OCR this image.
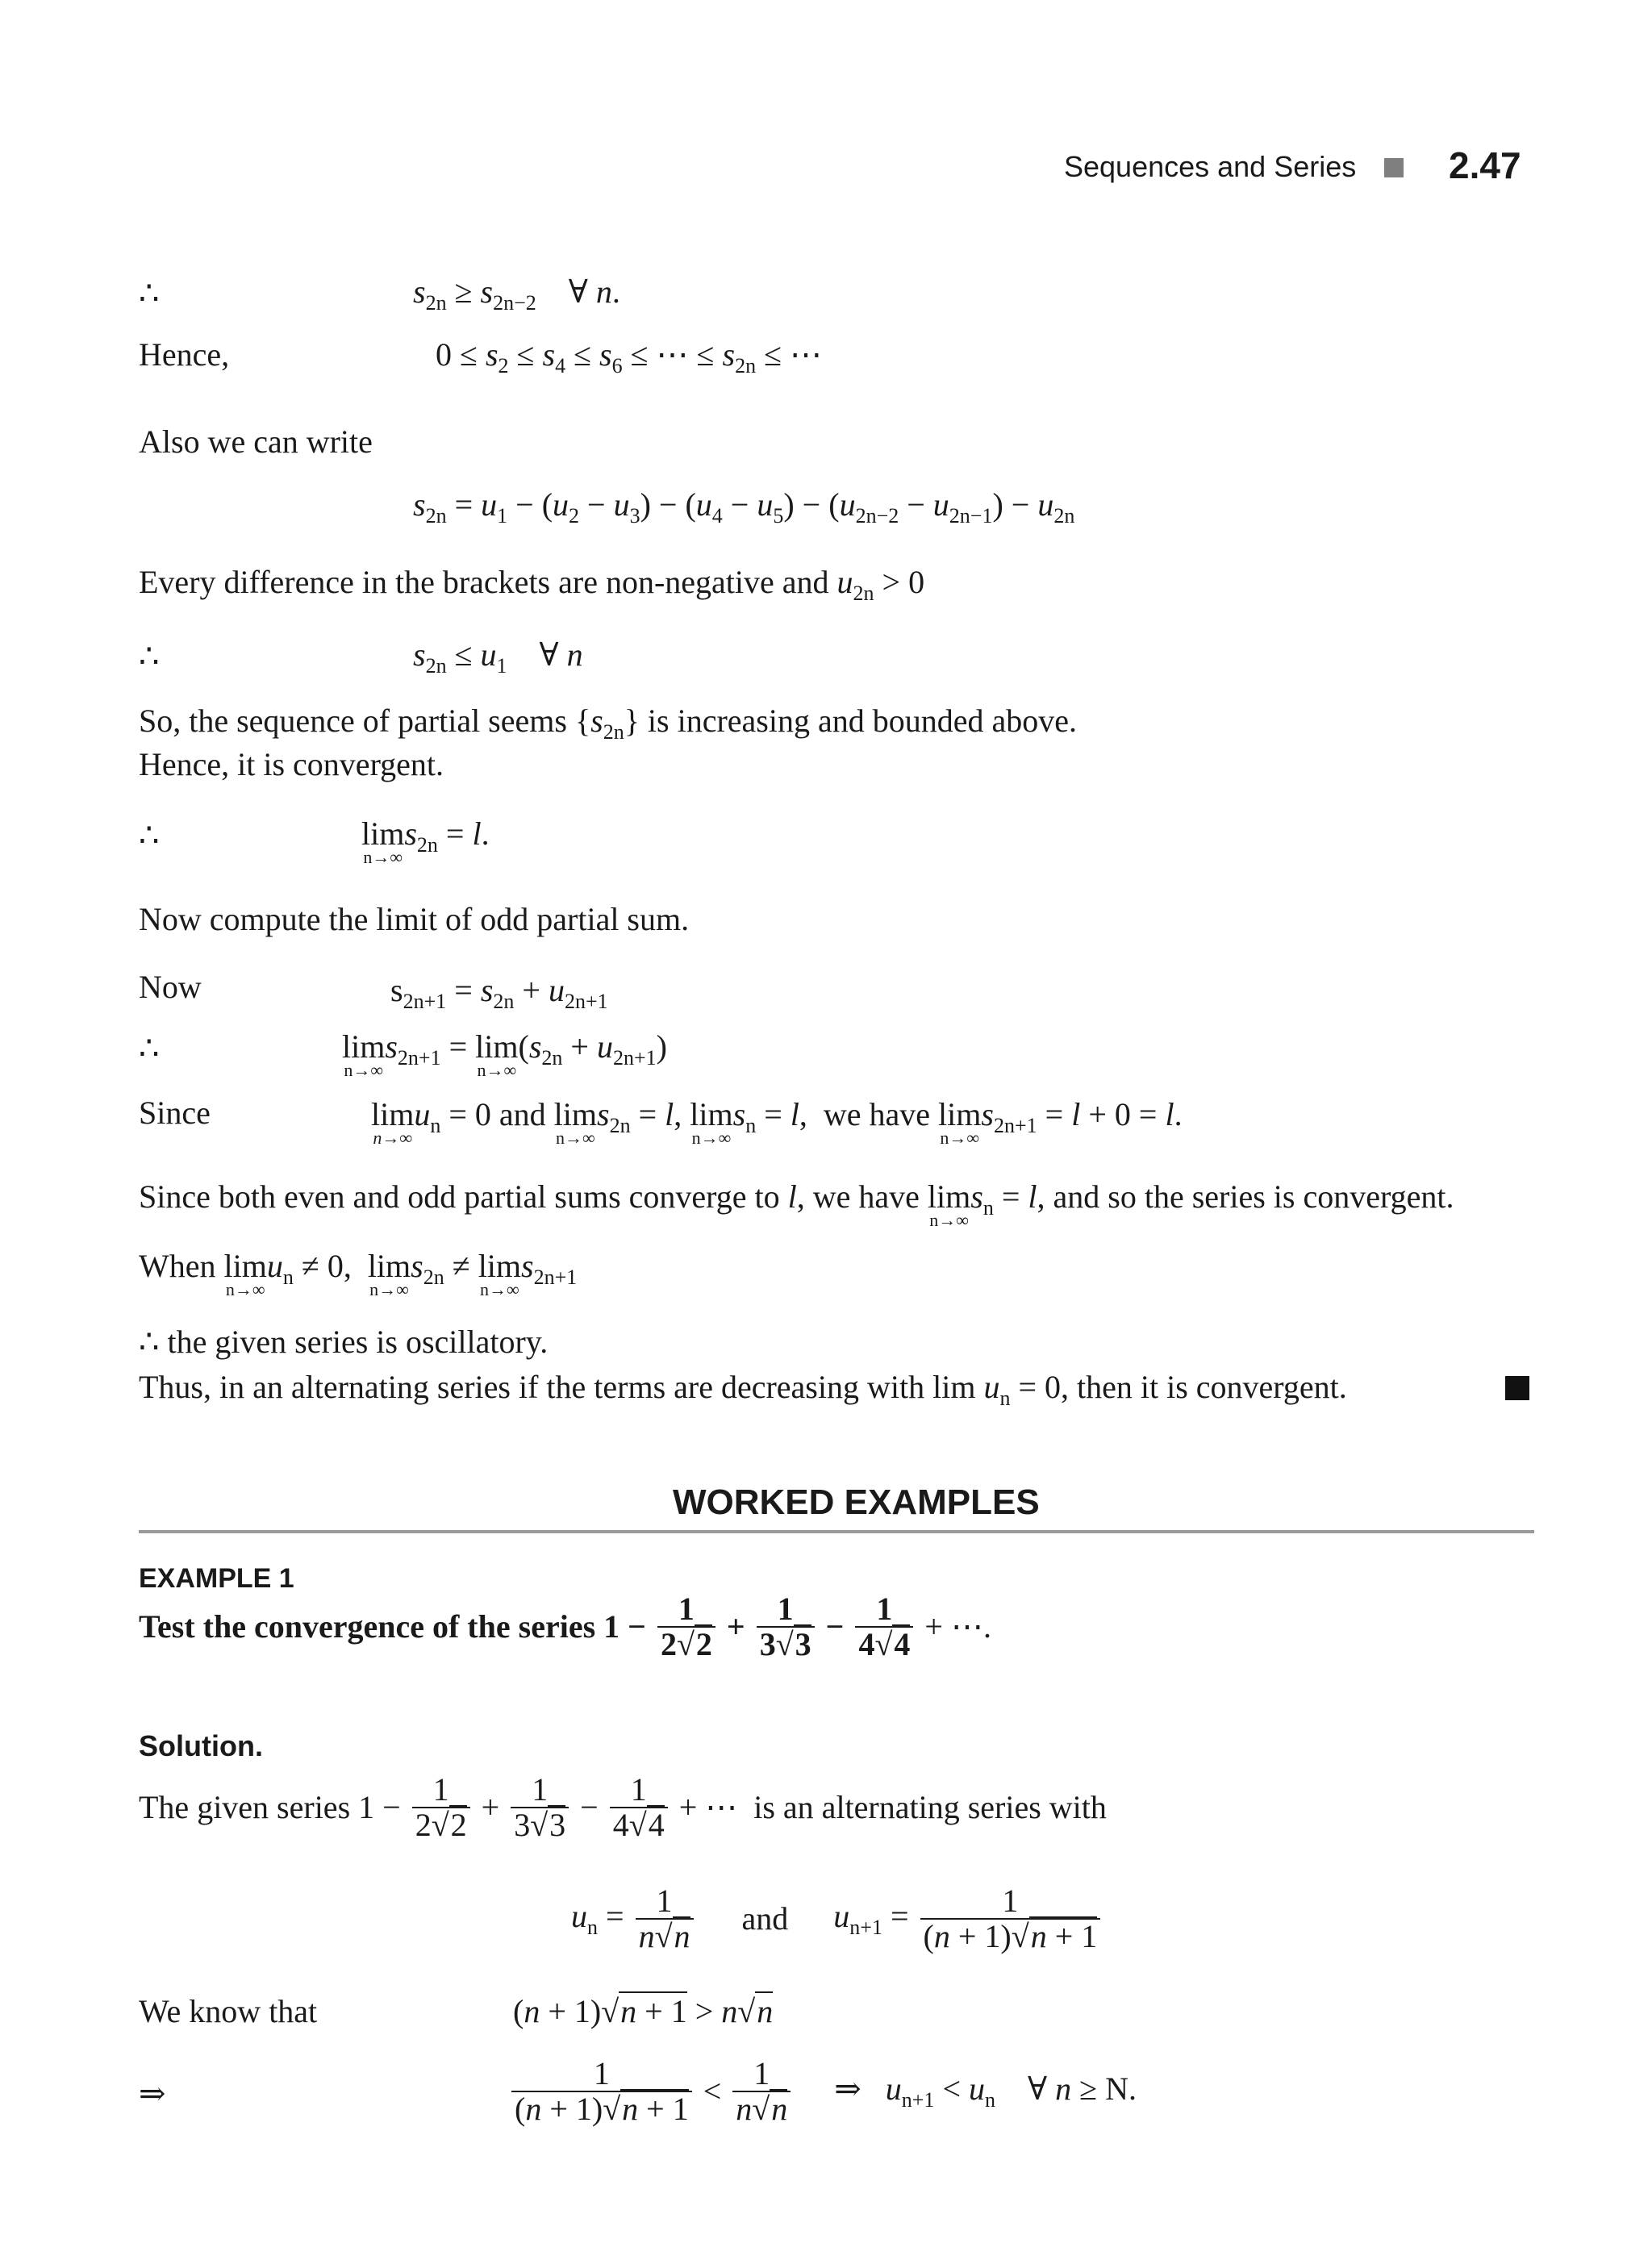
Sequences and Series 2.47
∴	$s_{2n} \ge s_{2n-2}$    ∀ n.
Hence,	$0 \le s_2 \le s_4 \le s_6$ ≤ ⋯ ≤ $s_{2n}$ ≤ ⋯
Also we can write
$s_{2n} = u_1 - (u_2 - u_3) - (u_4 - u_5) - (u_{2n-2} - u_{2n-1}) - u_{2n}$
Every difference in the brackets are non-negative and $u_{2n} > 0$
∴	$s_{2n} \le u_1$    ∀ n
So, the sequence of partial seems $\{s_{2n}\}$ is increasing and bounded above.
Hence, it is convergent.
∴	lim
n→∞
$s_{2n} = l$.
Now compute the limit of odd partial sum.
Now	$s_{2n+1} = s_{2n} + u_{2n+1}$
∴	lim
n→∞
$s_{2n+1} = \lim$
n→∞
$(s_{2n} + u_{2n+1})$
Since	lim
n→∞
$u_n = 0$ and lim
n→∞
$s_{2n} = l$, lim
n→∞
$s_n = l$,  we have lim
n→∞
$s_{2n+1} = l + 0 = l$.
Since both even and odd partial sums converge to l, we have lim
n→∞
$s_n = l$, and so the series is convergent.
When lim
n→∞
$u_n \ne 0$,  lim
n→∞
$s_{2n} \ne \lim$
n→∞
$s_{2n+1}$
∴ the given series is oscillatory.
Thus, in an alternating series if the terms are decreasing with $\lim u_n = 0$, then it is convergent.
WORKED EXAMPLES
EXAMPLE 1
Test the convergence of the series $1 - \frac{1}{2√2} + \frac{1}{3√3} - \frac{1}{4√4}$ + ⋯.
Solution.
The given series $1 - \frac{1}{2√2} + \frac{1}{3√3} - \frac{1}{4√4}$ + ⋯ is an alternating series with
$u_n = \frac{1}{n√n}$ and $u_{n+1} = \frac{1}{(n + 1)√n + 1}$
We know that	(n + 1)√n + 1 > n√n
⇒	$\frac{1}{(n + 1)√n + 1} < \frac{1}{n√n}$ ⇒   $u_{n+1} < u_n$    ∀ n ≥ N.
